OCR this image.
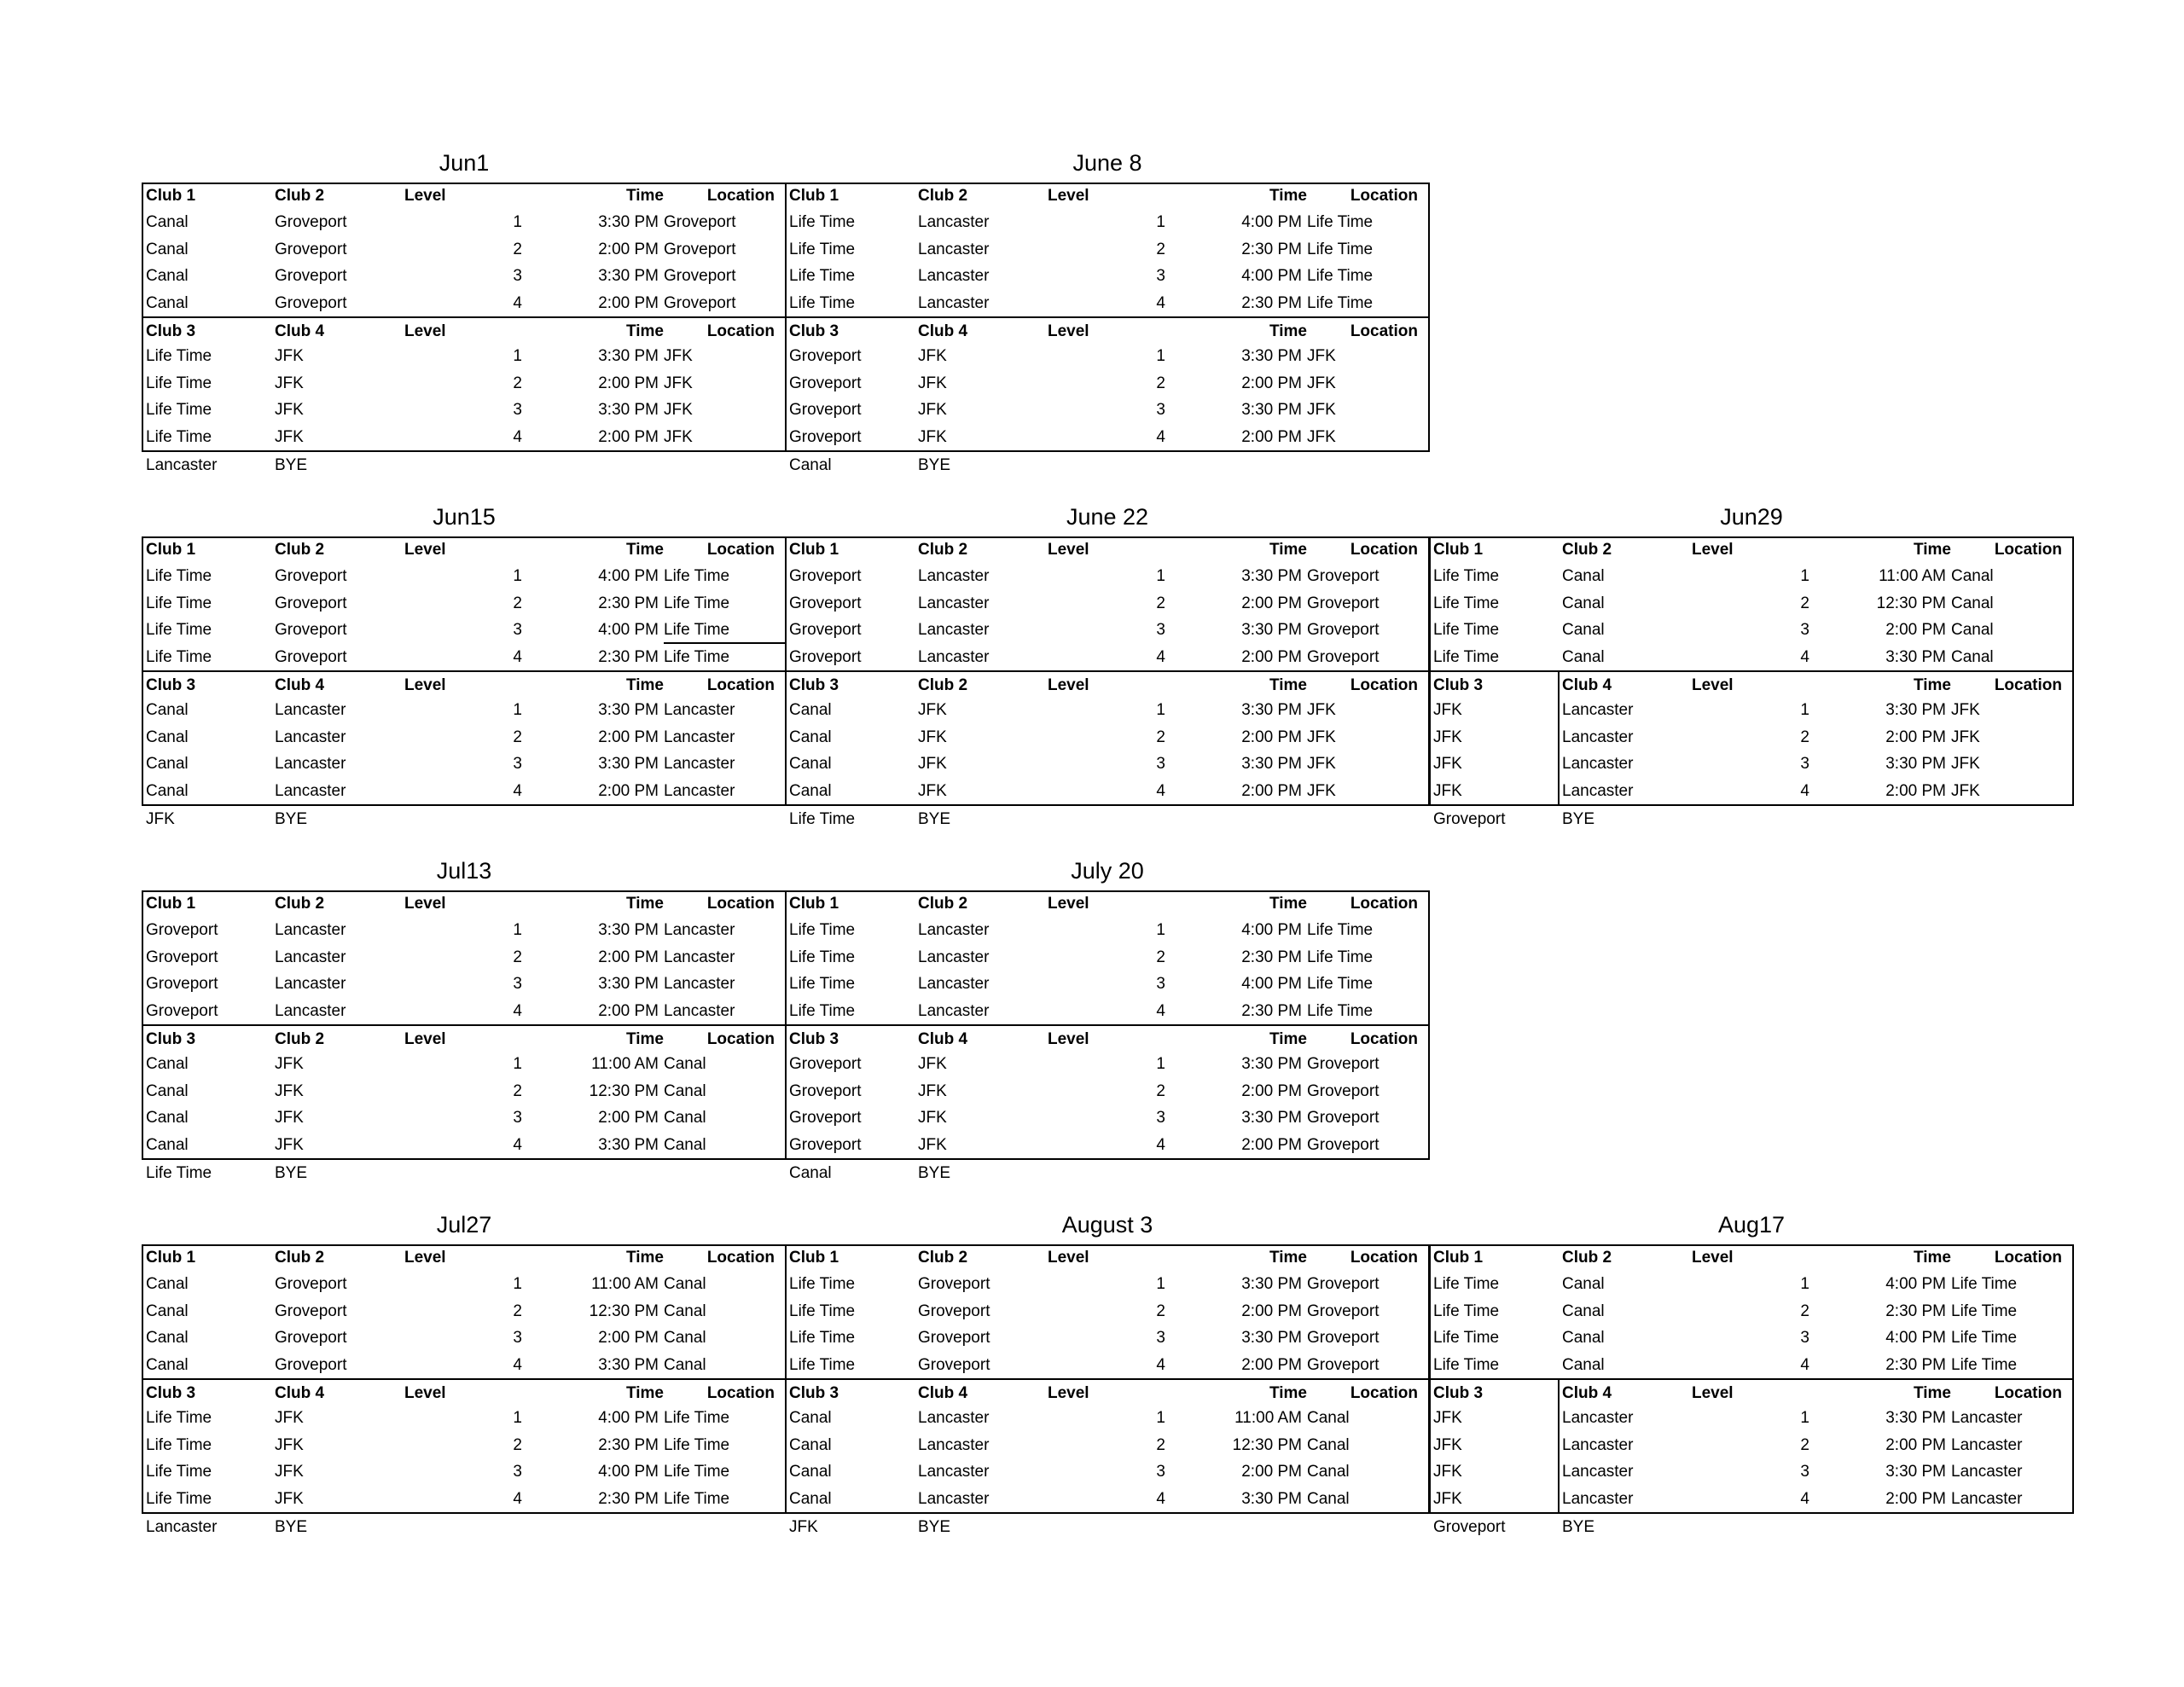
Jun1
Club 1	Club 2	Level	Time	Location
Canal	Groveport	1	3:30 PM Groveport
Canal	Groveport	2	2:00 PM Groveport
Canal	Groveport	3	3:30 PM Groveport
Canal	Groveport	4	2:00 PM Groveport
Club 3	Club 4	Level	Time	Location
Life Time	JFK	1	3:30 PM JFK
Life Time	JFK	2	2:00 PM JFK
Life Time	JFK	3	3:30 PM JFK
Life Time	JFK	4	2:00 PM JFK
Lancaster	BYE
June 8
Club 1	Club 2	Level	Time	Location
Life Time	Lancaster	1	4:00 PM Life Time
Life Time	Lancaster	2	2:30 PM Life Time
Life Time	Lancaster	3	4:00 PM Life Time
Life Time	Lancaster	4	2:30 PM Life Time
Club 3	Club 4	Level	Time	Location
Groveport	JFK	1	3:30 PM JFK
Groveport	JFK	2	2:00 PM JFK
Groveport	JFK	3	3:30 PM JFK
Groveport	JFK	4	2:00 PM JFK
Canal	BYE
Jun15
Club 1	Club 2	Level	Time	Location
Life Time	Groveport	1	4:00 PM Life Time
Life Time	Groveport	2	2:30 PM Life Time
Life Time	Groveport	3	4:00 PM Life Time
Life Time	Groveport	4	2:30 PM Life Time
Club 3	Club 4	Level	Time	Location
Canal	Lancaster	1	3:30 PM Lancaster
Canal	Lancaster	2	2:00 PM Lancaster
Canal	Lancaster	3	3:30 PM Lancaster
Canal	Lancaster	4	2:00 PM Lancaster
JFK	BYE
June 22
Club 1	Club 2	Level	Time	Location
Groveport	Lancaster	1	3:30 PM Groveport
Groveport	Lancaster	2	2:00 PM Groveport
Groveport	Lancaster	3	3:30 PM Groveport
Groveport	Lancaster	4	2:00 PM Groveport
Club 3	Club 2	Level	Time	Location
Canal	JFK	1	3:30 PM JFK
Canal	JFK	2	2:00 PM JFK
Canal	JFK	3	3:30 PM JFK
Canal	JFK	4	2:00 PM JFK
Life Time	BYE
Jun29
Club 1	Club 2	Level	Time	Location
Life Time	Canal	1	11:00 AM Canal
Life Time	Canal	2	12:30 PM Canal
Life Time	Canal	3	2:00 PM Canal
Life Time	Canal	4	3:30 PM Canal
Club 3	Club 4	Level	Time	Location
JFK	Lancaster	1	3:30 PM JFK
JFK	Lancaster	2	2:00 PM JFK
JFK	Lancaster	3	3:30 PM JFK
JFK	Lancaster	4	2:00 PM JFK
Groveport	BYE
Jul13
Club 1	Club 2	Level	Time	Location
Groveport	Lancaster	1	3:30 PM Lancaster
Groveport	Lancaster	2	2:00 PM Lancaster
Groveport	Lancaster	3	3:30 PM Lancaster
Groveport	Lancaster	4	2:00 PM Lancaster
Club 3	Club 2	Level	Time	Location
Canal	JFK	1	11:00 AM Canal
Canal	JFK	2	12:30 PM Canal
Canal	JFK	3	2:00 PM Canal
Canal	JFK	4	3:30 PM Canal
Life Time	BYE
July 20
Club 1	Club 2	Level	Time	Location
Life Time	Lancaster	1	4:00 PM Life Time
Life Time	Lancaster	2	2:30 PM Life Time
Life Time	Lancaster	3	4:00 PM Life Time
Life Time	Lancaster	4	2:30 PM Life Time
Club 3	Club 4	Level	Time	Location
Groveport	JFK	1	3:30 PM Groveport
Groveport	JFK	2	2:00 PM Groveport
Groveport	JFK	3	3:30 PM Groveport
Groveport	JFK	4	2:00 PM Groveport
Canal	BYE
Jul27
Club 1	Club 2	Level	Time	Location
Canal	Groveport	1	11:00 AM Canal
Canal	Groveport	2	12:30 PM Canal
Canal	Groveport	3	2:00 PM Canal
Canal	Groveport	4	3:30 PM Canal
Club 3	Club 4	Level	Time	Location
Life Time	JFK	1	4:00 PM Life Time
Life Time	JFK	2	2:30 PM Life Time
Life Time	JFK	3	4:00 PM Life Time
Life Time	JFK	4	2:30 PM Life Time
Lancaster	BYE
August 3
Club 1	Club 2	Level	Time	Location
Life Time	Groveport	1	3:30 PM Groveport
Life Time	Groveport	2	2:00 PM Groveport
Life Time	Groveport	3	3:30 PM Groveport
Life Time	Groveport	4	2:00 PM Groveport
Club 3	Club 4	Level	Time	Location
Canal	Lancaster	1	11:00 AM Canal
Canal	Lancaster	2	12:30 PM Canal
Canal	Lancaster	3	2:00 PM Canal
Canal	Lancaster	4	3:30 PM Canal
JFK	BYE
Aug17
Club 1	Club 2	Level	Time	Location
Life Time	Canal	1	4:00 PM Life Time
Life Time	Canal	2	2:30 PM Life Time
Life Time	Canal	3	4:00 PM Life Time
Life Time	Canal	4	2:30 PM Life Time
Club 3	Club 4	Level	Time	Location
JFK	Lancaster	1	3:30 PM Lancaster
JFK	Lancaster	2	2:00 PM Lancaster
JFK	Lancaster	3	3:30 PM Lancaster
JFK	Lancaster	4	2:00 PM Lancaster
Groveport	BYE
